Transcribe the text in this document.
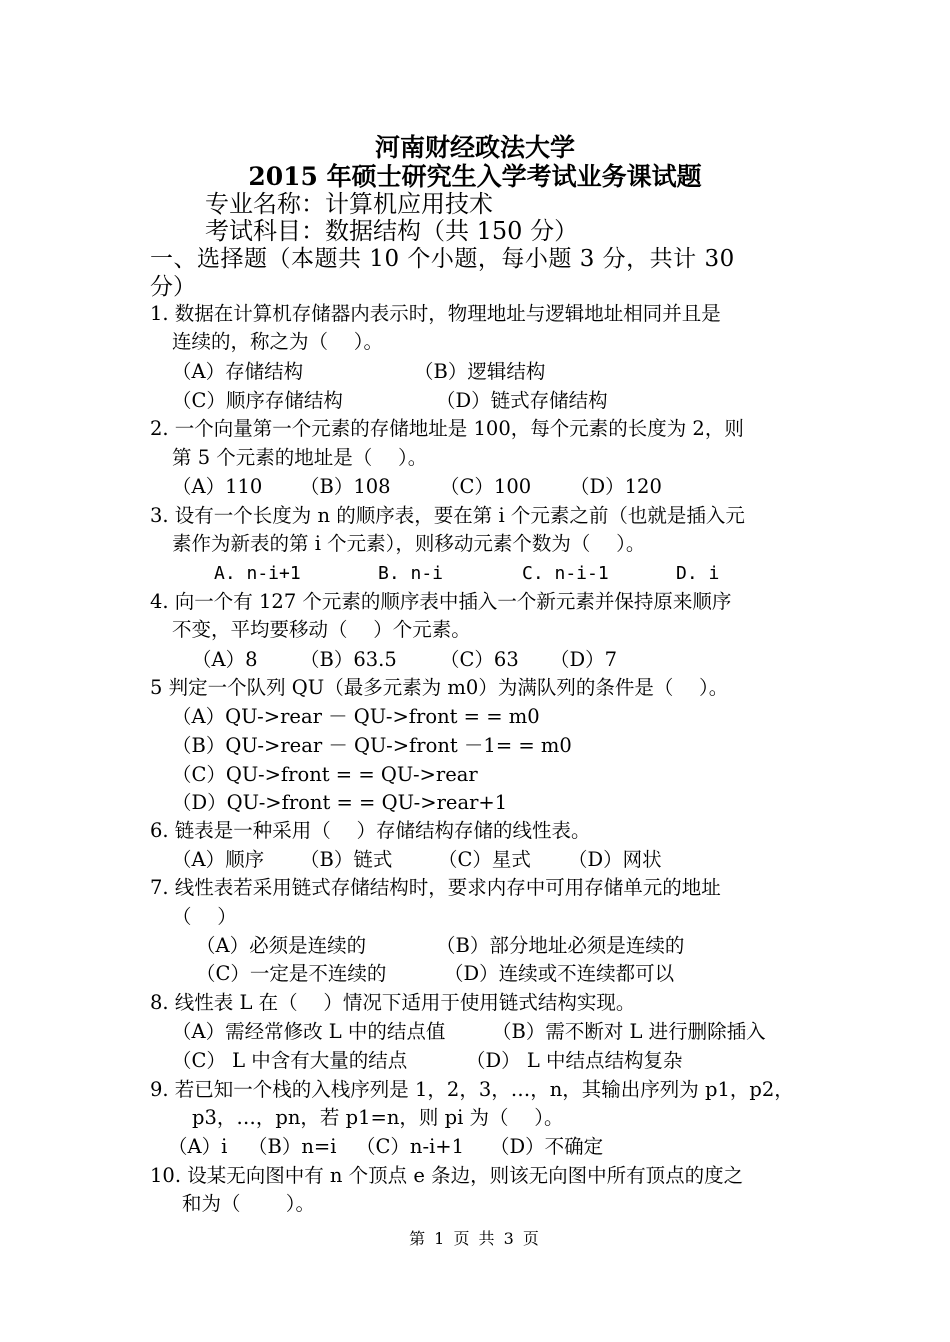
河南财经政法大学
2015 年硕士研究生入学考试业务课试题
专业名称：计算机应用技术
考试科目：数据结构（共 150 分）
一、选择题（本题共 10 个小题，每小题 3 分，共计 30
分）
1. 数据在计算机存储器内表示时，物理地址与逻辑地址相同并且是
连续的，称之为（　 ）。
（A）存储结构	（B）逻辑结构
（C）顺序存储结构	（D）链式存储结构
2. 一个向量第一个元素的存储地址是 100，每个元素的长度为 2，则
第 5 个元素的地址是（　 ）。
（A）110 （B）108	（C）100 （D）120
3. 设有一个长度为 n 的顺序表，要在第 i 个元素之前（也就是插入元
素作为新表的第 i 个元素），则移动元素个数为（　 ）。
A. n-i+1	B. n-i	C. n-i-1	D. i
4. 向一个有 127 个元素的顺序表中插入一个新元素并保持原来顺序
不变，平均要移动（　 ）个元素。
（A）8 （B）63.5 （C）63 （D）7
5 判定一个队列 QU（最多元素为 m0）为满队列的条件是（　 ）。
（A）QU->rear － QU->front = = m0
（B）QU->rear － QU->front －1= = m0
（C）QU->front = = QU->rear
（D）QU->front = = QU->rear+1
6. 链表是一种采用（　 ）存储结构存储的线性表。
（A）顺序 （B）链式 （C）星式 （D）网状
7. 线性表若采用链式存储结构时，要求内存中可用存储单元的地址
（　 ）
（A）必须是连续的	（B）部分地址必须是连续的
（C）一定是不连续的	（D）连续或不连续都可以
8. 线性表 L 在（　 ）情况下适用于使用链式结构实现。
（A）需经常修改 L 中的结点值 （B）需不断对 L 进行删除插入
（C） L 中含有大量的结点	（D） L 中结点结构复杂
9. 若已知一个栈的入栈序列是 1，2，3，…，n，其输出序列为 p1，p2，
p3，…，pn，若 p1=n，则 pi 为（　 ）。
（A）i （B）n=i （C）n-i+1 （D）不确定
10. 设某无向图中有 n 个顶点 e 条边，则该无向图中所有顶点的度之
和为（　　 ）。
第 1 页 共 3 页
